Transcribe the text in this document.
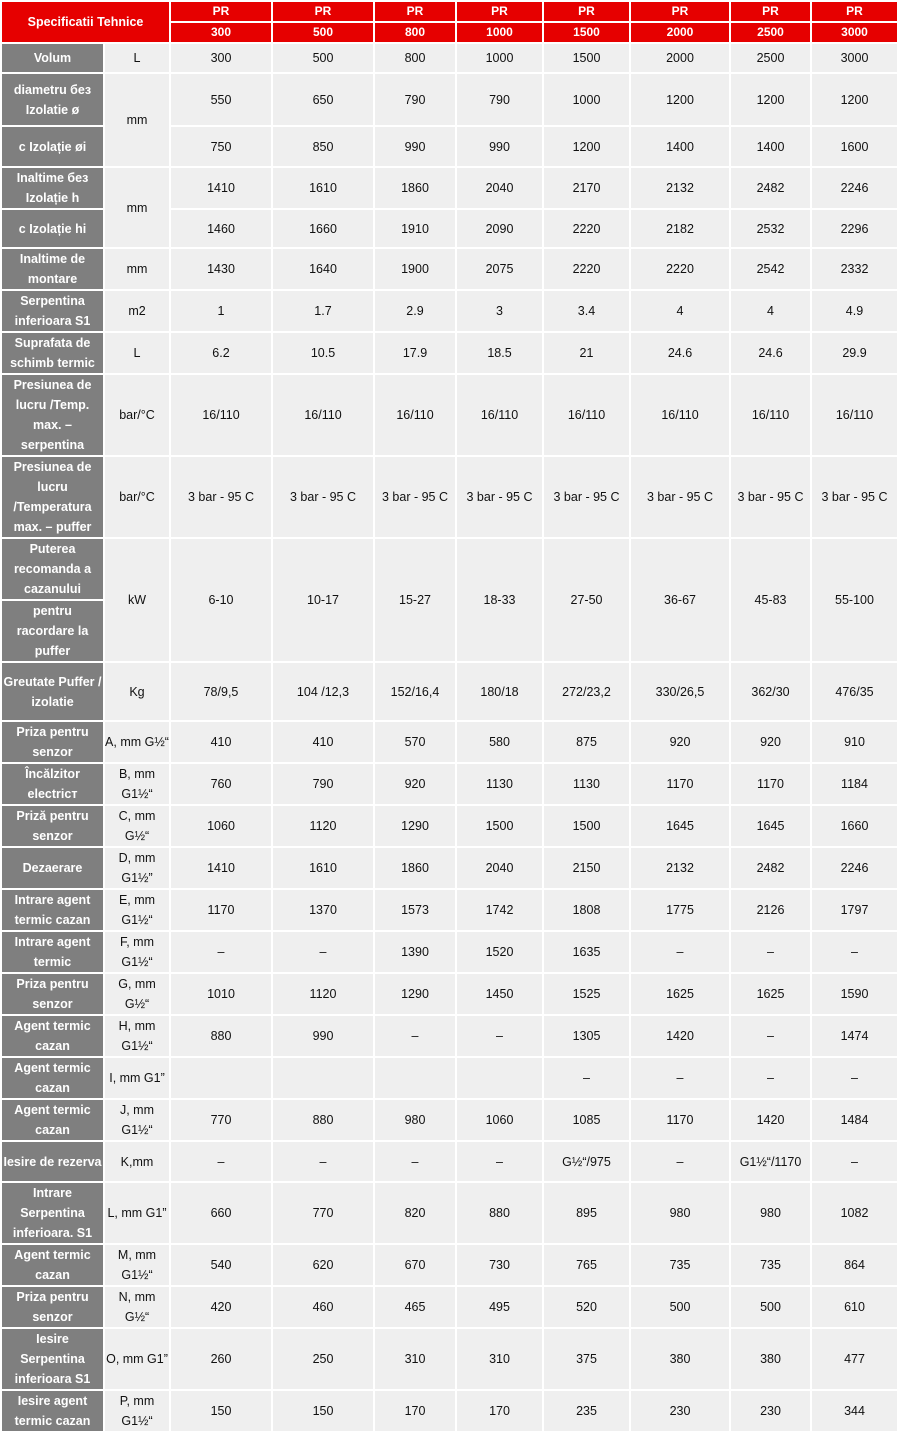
Specificatii Tehnice		PR	PR	PR	PR	PR	PR	PR	PR
		300	500	800	1000	1500	2000	2500	3000
Volum	L	300	500	800	1000	1500	2000	2500	3000
diametru без Izolatie ø	mm	550	650	790	790	1000	1200	1200	1200
c Izolație øi		750	850	990	990	1200	1400	1400	1600
Inaltime без Izolație h	mm	1410	1610	1860	2040	2170	2132	2482	2246
c Izolație hi		1460	1660	1910	2090	2220	2182	2532	2296
Inaltime de montare	mm	1430	1640	1900	2075	2220	2220	2542	2332
Serpentina inferioara S1	m2	1	1.7	2.9	3	3.4	4	4	4.9
Suprafata de schimb termic	L	6.2	10.5	17.9	18.5	21	24.6	24.6	29.9
Presiunea de lucru /Temp. max. – serpentina	bar/°C	16/110	16/110	16/110	16/110	16/110	16/110	16/110	16/110
Presiunea de lucru /Temperatura max. – puffer	bar/°C	3 bar - 95 C	3 bar - 95 C	3 bar - 95 C	3 bar - 95 C	3 bar - 95 C	3 bar - 95 C	3 bar - 95 C	3 bar - 95 C
Puterea recomanda a cazanului	kW	6-10	10-17	15-27	18-33	27-50	36-67	45-83	55-100
pentru racordare la puffer									
Greutate Puffer / izolatie	Kg	78/9,5	104 /12,3	152/16,4	180/18	272/23,2	330/26,5	362/30	476/35
Priza pentru senzor	A, mm G½“	410	410	570	580	875	920	920	910
Încălzitor electricт	B, mm G1½“	760	790	920	1130	1130	1170	1170	1184
Priză pentru senzor	C, mm G½“	1060	1120	1290	1500	1500	1645	1645	1660
Dezaerare	D, mm G1½”	1410	1610	1860	2040	2150	2132	2482	2246
Intrare agent termic cazan	E, mm G1½“	1170	1370	1573	1742	1808	1775	2126	1797
Intrare agent termic	F, mm G1½“	–	–	1390	1520	1635	–	–	–
Priza pentru senzor	G, mm G½“	1010	1120	1290	1450	1525	1625	1625	1590
Agent termic cazan	H, mm G1½“	880	990	–	–	1305	1420	–	1474
Agent termic cazan	I, mm G1”					–	–	–	–
Agent termic cazan	J, mm G1½“	770	880	980	1060	1085	1170	1420	1484
Iesire de rezerva	K,mm	–	–	–	–	G½“/975	–	G1½“/1170	–
Intrare Serpentina inferioara. S1	L, mm G1”	660	770	820	880	895	980	980	1082
Agent termic cazan	M, mm G1½“	540	620	670	730	765	735	735	864
Priza pentru senzor	N, mm G½“	420	460	465	495	520	500	500	610
Iesire Serpentina inferioara S1	O, mm G1”	260	250	310	310	375	380	380	477
Iesire agent termic cazan	P, mm G1½“	150	150	170	170	235	230	230	344
